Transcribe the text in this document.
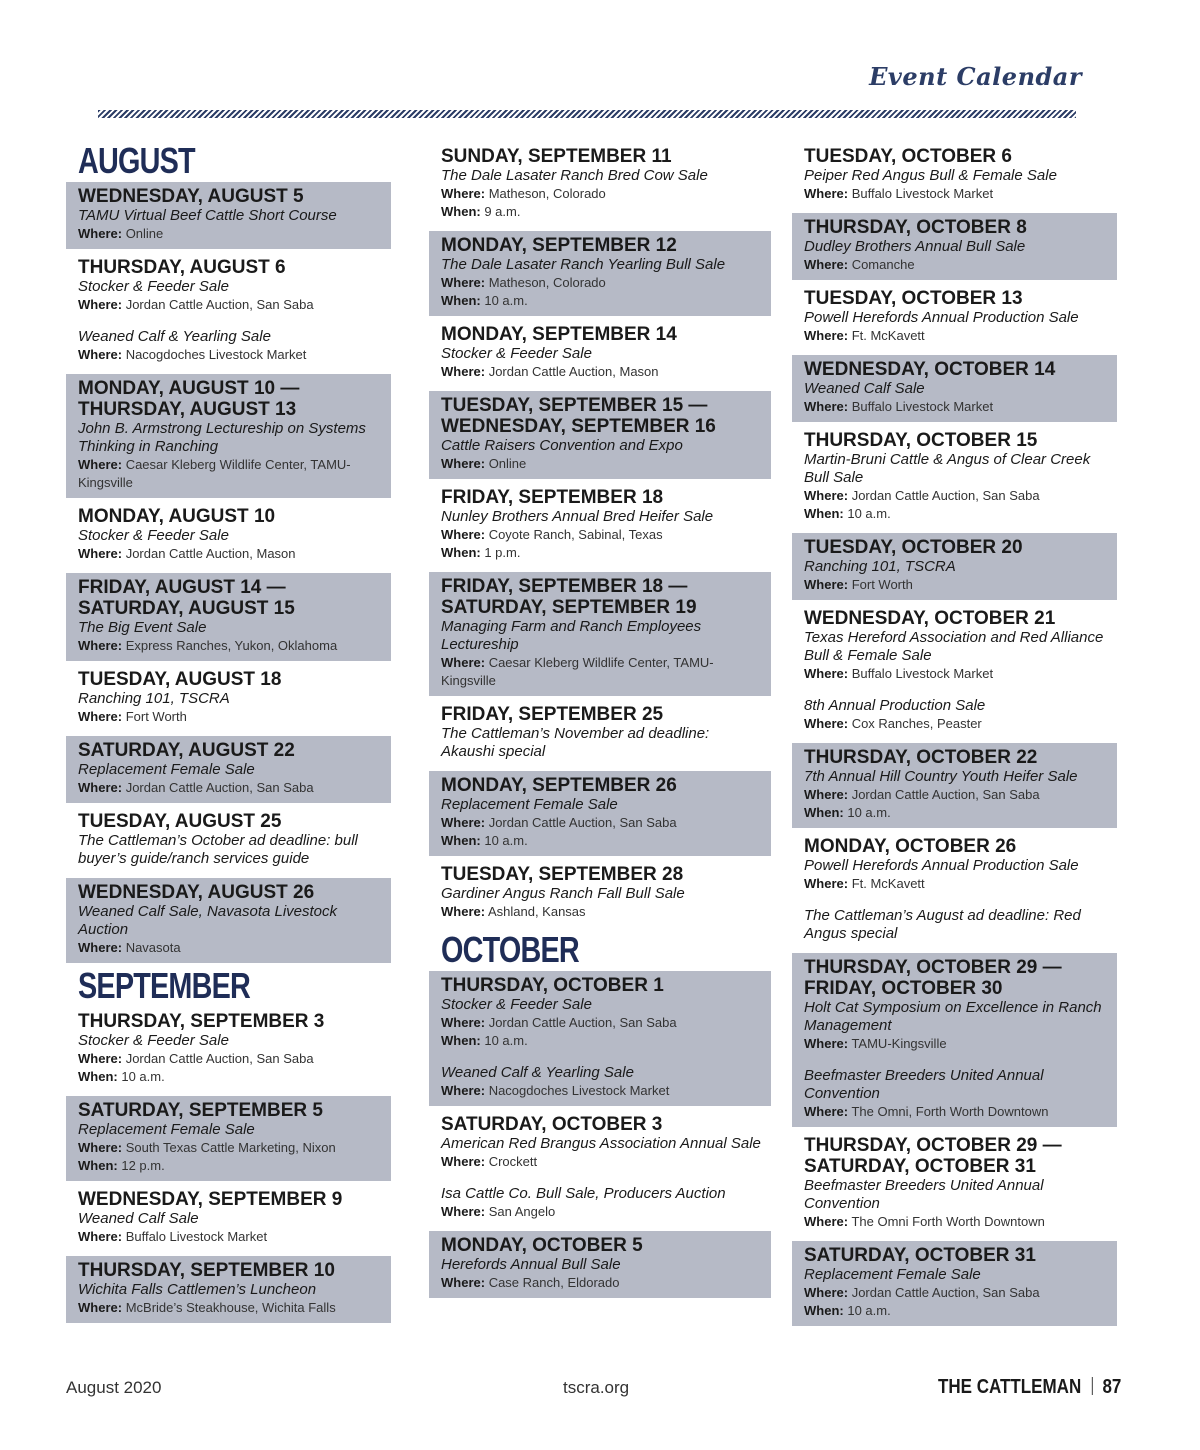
Event Calendar
AUGUST
WEDNESDAY, AUGUST 5
TAMU Virtual Beef Cattle Short Course
Where: Online
THURSDAY, AUGUST 6
Stocker & Feeder Sale
Where: Jordan Cattle Auction, San Saba
Weaned Calf & Yearling Sale
Where: Nacogdoches Livestock Market
MONDAY, AUGUST 10 —
THURSDAY, AUGUST 13
John B. Armstrong Lectureship on Systems Thinking in Ranching
Where: Caesar Kleberg Wildlife Center, TAMU-Kingsville
MONDAY, AUGUST 10
Stocker & Feeder Sale
Where: Jordan Cattle Auction, Mason
FRIDAY, AUGUST 14 —
SATURDAY, AUGUST 15
The Big Event Sale
Where: Express Ranches, Yukon, Oklahoma
TUESDAY, AUGUST 18
Ranching 101, TSCRA
Where: Fort Worth
SATURDAY, AUGUST 22
Replacement Female Sale
Where: Jordan Cattle Auction, San Saba
TUESDAY, AUGUST 25
The Cattleman’s October ad deadline: bull buyer’s guide/ranch services guide
WEDNESDAY, AUGUST 26
Weaned Calf Sale, Navasota Livestock Auction
Where: Navasota
SEPTEMBER
THURSDAY, SEPTEMBER 3
Stocker & Feeder Sale
Where: Jordan Cattle Auction, San Saba
When: 10 a.m.
SATURDAY, SEPTEMBER 5
Replacement Female Sale
Where: South Texas Cattle Marketing, Nixon
When: 12 p.m.
WEDNESDAY, SEPTEMBER 9
Weaned Calf Sale
Where: Buffalo Livestock Market
THURSDAY, SEPTEMBER 10
Wichita Falls Cattlemen’s Luncheon
Where: McBride’s Steakhouse, Wichita Falls
SUNDAY, SEPTEMBER 11
The Dale Lasater Ranch Bred Cow Sale
Where: Matheson, Colorado
When: 9 a.m.
MONDAY, SEPTEMBER 12
The Dale Lasater Ranch Yearling Bull Sale
Where: Matheson, Colorado
When: 10 a.m.
MONDAY, SEPTEMBER 14
Stocker & Feeder Sale
Where: Jordan Cattle Auction, Mason
TUESDAY, SEPTEMBER 15 —
WEDNESDAY, SEPTEMBER 16
Cattle Raisers Convention and Expo
Where: Online
FRIDAY, SEPTEMBER 18
Nunley Brothers Annual Bred Heifer Sale
Where: Coyote Ranch, Sabinal, Texas
When: 1 p.m.
FRIDAY, SEPTEMBER 18 —
SATURDAY, SEPTEMBER 19
Managing Farm and Ranch Employees Lectureship
Where: Caesar Kleberg Wildlife Center, TAMU-Kingsville
FRIDAY, SEPTEMBER 25
The Cattleman’s November ad deadline: Akaushi special
MONDAY, SEPTEMBER 26
Replacement Female Sale
Where: Jordan Cattle Auction, San Saba
When: 10 a.m.
TUESDAY, SEPTEMBER 28
Gardiner Angus Ranch Fall Bull Sale
Where: Ashland, Kansas
OCTOBER
THURSDAY, OCTOBER 1
Stocker & Feeder Sale
Where: Jordan Cattle Auction, San Saba
When: 10 a.m.
Weaned Calf & Yearling Sale
Where: Nacogdoches Livestock Market
SATURDAY, OCTOBER 3
American Red Brangus Association Annual Sale
Where: Crockett
Isa Cattle Co. Bull Sale, Producers Auction
Where: San Angelo
MONDAY, OCTOBER 5
Herefords Annual Bull Sale
Where: Case Ranch, Eldorado
TUESDAY, OCTOBER 6
Peiper Red Angus Bull & Female Sale
Where: Buffalo Livestock Market
THURSDAY, OCTOBER 8
Dudley Brothers Annual Bull Sale
Where: Comanche
TUESDAY, OCTOBER 13
Powell Herefords Annual Production Sale
Where: Ft. McKavett
WEDNESDAY, OCTOBER 14
Weaned Calf Sale
Where: Buffalo Livestock Market
THURSDAY, OCTOBER 15
Martin-Bruni Cattle & Angus of Clear Creek Bull Sale
Where: Jordan Cattle Auction, San Saba
When: 10 a.m.
TUESDAY, OCTOBER 20
Ranching 101, TSCRA
Where: Fort Worth
WEDNESDAY, OCTOBER 21
Texas Hereford Association and Red Alliance Bull & Female Sale
Where: Buffalo Livestock Market
8th Annual Production Sale
Where: Cox Ranches, Peaster
THURSDAY, OCTOBER 22
7th Annual Hill Country Youth Heifer Sale
Where: Jordan Cattle Auction, San Saba
When: 10 a.m.
MONDAY, OCTOBER 26
Powell Herefords Annual Production Sale
Where: Ft. McKavett
The Cattleman’s August ad deadline: Red Angus special
THURSDAY, OCTOBER 29 —
FRIDAY, OCTOBER 30
Holt Cat Symposium on Excellence in Ranch Management
Where: TAMU-Kingsville
Beefmaster Breeders United Annual Convention
Where: The Omni, Forth Worth Downtown
THURSDAY, OCTOBER 29 —
SATURDAY, OCTOBER 31
Beefmaster Breeders United Annual Convention
Where: The Omni Forth Worth Downtown
SATURDAY, OCTOBER 31
Replacement Female Sale
Where: Jordan Cattle Auction, San Saba
When: 10 a.m.
August 2020	tscra.org	THE CATTLEMAN 87
